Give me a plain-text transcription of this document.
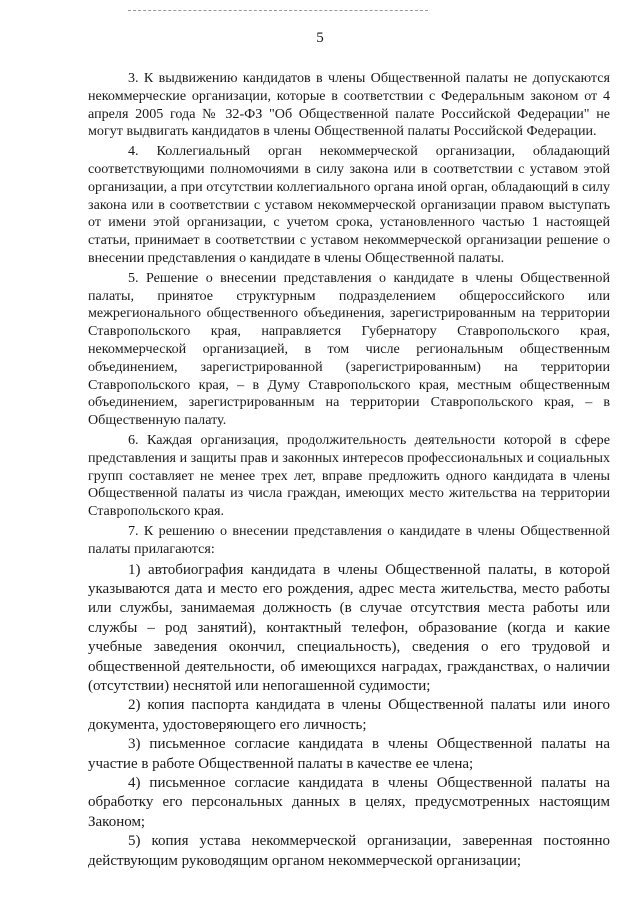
5

3. К выдвижению кандидатов в члены Общественной палаты не допускаются некоммерческие организации, которые в соответствии с Федеральным законом от 4 апреля 2005 года № 32-ФЗ "Об Общественной палате Российской Федерации" не могут выдвигать кандидатов в члены Общественной палаты Российской Федерации.

4. Коллегиальный орган некоммерческой организации, обладающий соответствующими полномочиями в силу закона или в соответствии с уставом этой организации, а при отсутствии коллегиального органа иной орган, обладающий в силу закона или в соответствии с уставом некоммерческой организации правом выступать от имени этой организации, с учетом срока, установленного частью 1 настоящей статьи, принимает в соответствии с уставом некоммерческой организации решение о внесении представления о кандидате в члены Общественной палаты.

5. Решение о внесении представления о кандидате в члены Общественной палаты, принятое структурным подразделением общероссийского или межрегионального общественного объединения, зарегистрированным на территории Ставропольского края, направляется Губернатору Ставропольского края, некоммерческой организацией, в том числе региональным общественным объединением, зарегистрированной (зарегистрированным) на территории Ставропольского края, – в Думу Ставропольского края, местным общественным объединением, зарегистрированным на территории Ставропольского края, – в Общественную палату.

6. Каждая организация, продолжительность деятельности которой в сфере представления и защиты прав и законных интересов профессиональных и социальных групп составляет не менее трех лет, вправе предложить одного кандидата в члены Общественной палаты из числа граждан, имеющих место жительства на территории Ставропольского края.

7. К решению о внесении представления о кандидате в члены Общественной палаты прилагаются:

1) автобиография кандидата в члены Общественной палаты, в которой указываются дата и место его рождения, адрес места жительства, место работы или службы, занимаемая должность (в случае отсутствия места работы или службы – род занятий), контактный телефон, образование (когда и какие учебные заведения окончил, специальность), сведения о его трудовой и общественной деятельности, об имеющихся наградах, гражданствах, о наличии (отсутствии) неснятой или непогашенной судимости;

2) копия паспорта кандидата в члены Общественной палаты или иного документа, удостоверяющего его личность;

3) письменное согласие кандидата в члены Общественной палаты на участие в работе Общественной палаты в качестве ее члена;

4) письменное согласие кандидата в члены Общественной палаты на обработку его персональных данных в целях, предусмотренных настоящим Законом;

5) копия устава некоммерческой организации, заверенная постоянно действующим руководящим органом некоммерческой организации;
